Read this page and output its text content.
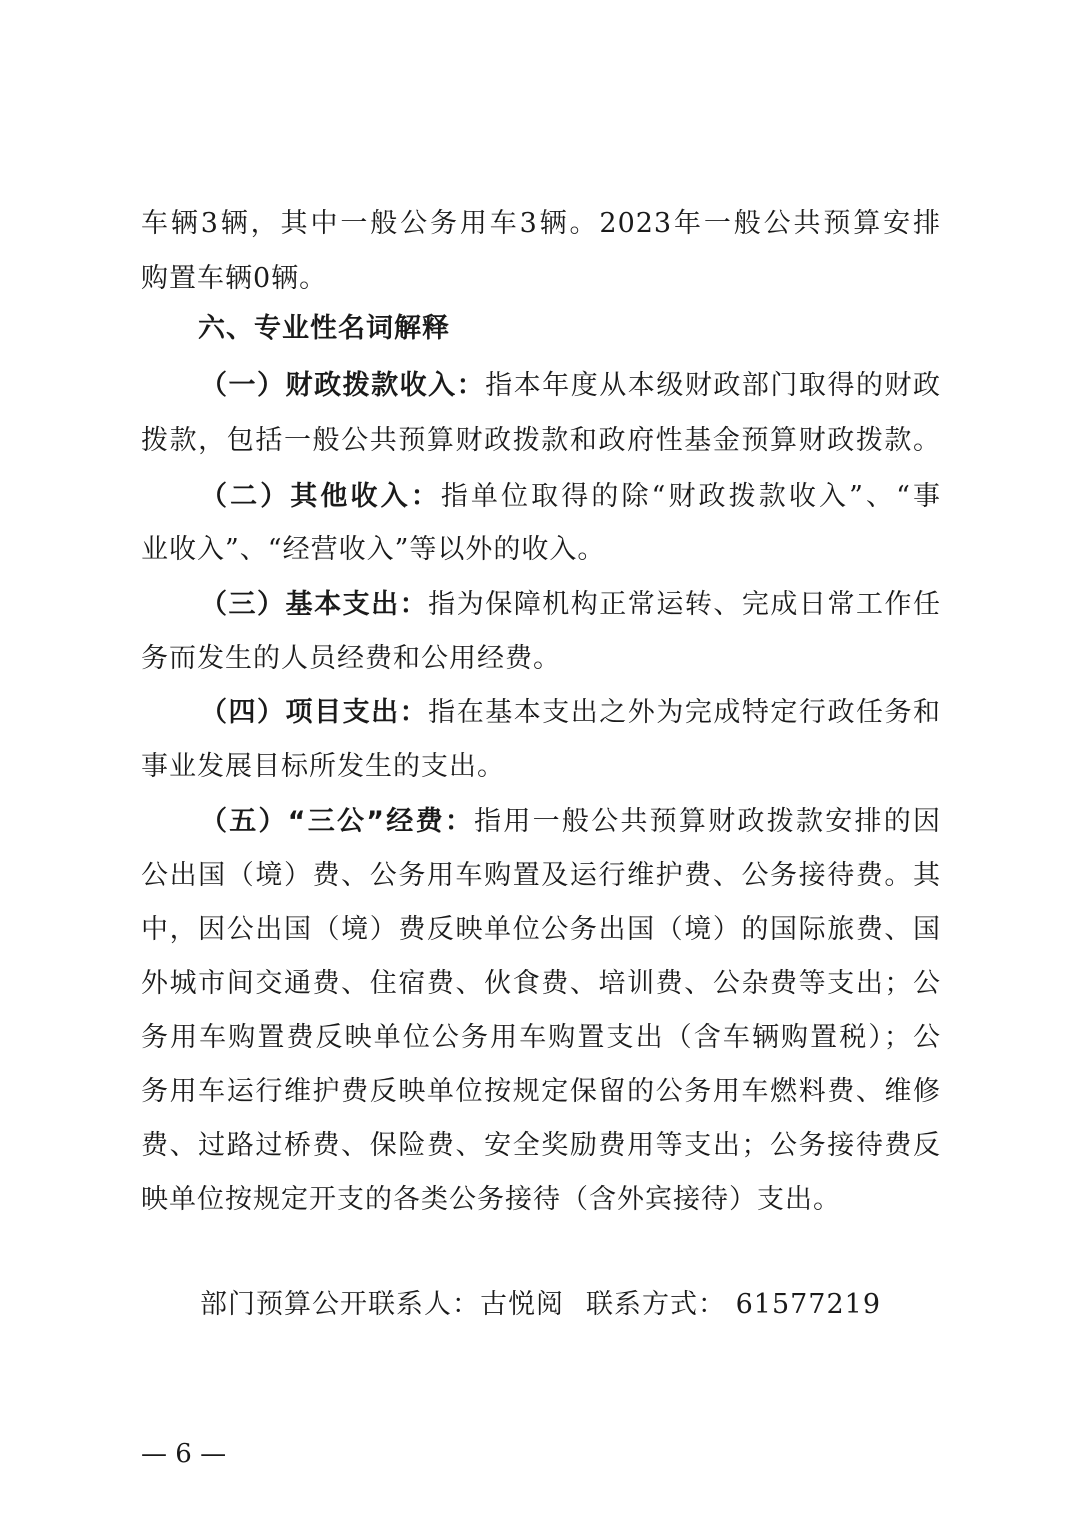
车辆3辆，其中一般公务用车3辆。2023年一般公共预算安排
购置车辆0辆。
六、专业性名词解释
（一）财政拨款收入：指本年度从本级财政部门取得的财政
拨款，包括一般公共预算财政拨款和政府性基金预算财政拨款。
（二）其他收入：指单位取得的除“财政拨款收入”、“事
业收入”、“经营收入”等以外的收入。
（三）基本支出：指为保障机构正常运转、完成日常工作任
务而发生的人员经费和公用经费。
（四）项目支出：指在基本支出之外为完成特定行政任务和
事业发展目标所发生的支出。
（五）“三公”经费：指用一般公共预算财政拨款安排的因
公出国（境）费、公务用车购置及运行维护费、公务接待费。其
中，因公出国（境）费反映单位公务出国（境）的国际旅费、国
外城市间交通费、住宿费、伙食费、培训费、公杂费等支出；公
务用车购置费反映单位公务用车购置支出（含车辆购置税）；公
务用车运行维护费反映单位按规定保留的公务用车燃料费、维修
费、过路过桥费、保险费、安全奖励费用等支出；公务接待费反
映单位按规定开支的各类公务接待（含外宾接待）支出。
部门预算公开联系人：古悦阅 联系方式： 61577219
— 6 —
